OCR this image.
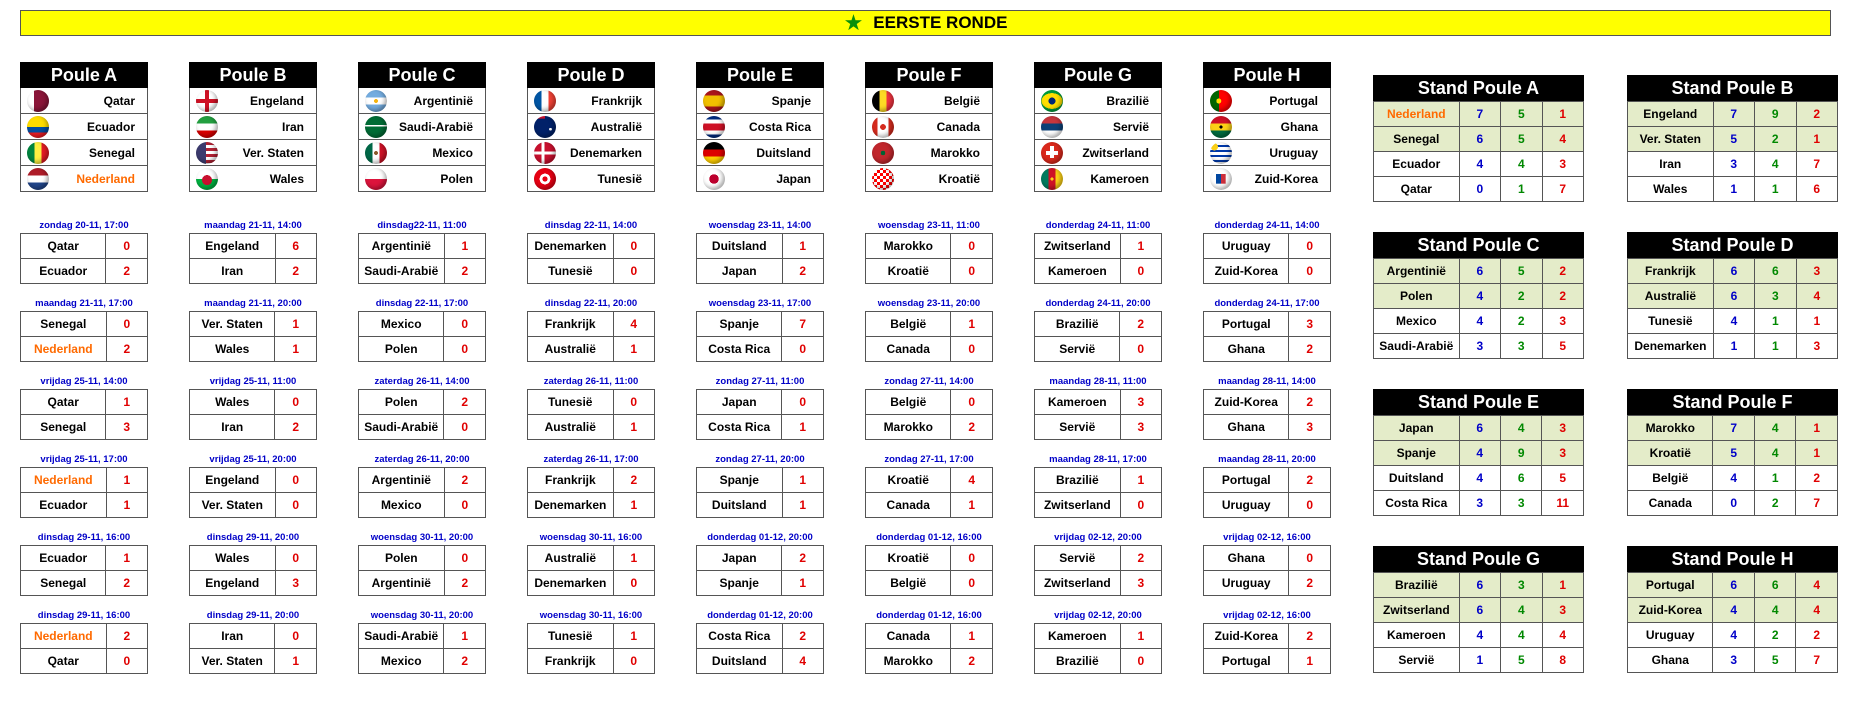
★ EERSTE RONDE
Poule A
Qatar
Ecuador
Senegal
Nederland
Poule B
Engeland
Iran
Ver. Staten
Wales
Poule C
Argentinië
Saudi-Arabië
Mexico
Polen
Poule D
Frankrijk
Australië
Denemarken
Tunesië
Poule E
Spanje
Costa Rica
Duitsland
Japan
Poule F
België
Canada
Marokko
Kroatië
Poule G
Brazilië
Servië
Zwitserland
Kameroen
Poule H
Portugal
Ghana
Uruguay
Zuid-Korea
zondag 20-11, 17:00
Qatar	0
Ecuador	2
maandag 21-11, 17:00
Senegal	0
Nederland	2
vrijdag 25-11, 14:00
Qatar	1
Senegal	3
vrijdag 25-11, 17:00
Nederland	1
Ecuador	1
dinsdag 29-11, 16:00
Ecuador	1
Senegal	2
dinsdag 29-11, 16:00
Nederland	2
Qatar	0
maandag 21-11, 14:00
Engeland	6
Iran	2
maandag 21-11, 20:00
Ver. Staten	1
Wales	1
vrijdag 25-11, 11:00
Wales	0
Iran	2
vrijdag 25-11, 20:00
Engeland	0
Ver. Staten	0
dinsdag 29-11, 20:00
Wales	0
Engeland	3
dinsdag 29-11, 20:00
Iran	0
Ver. Staten	1
dinsdag22-11, 11:00
Argentinië	1
Saudi-Arabië	2
dinsdag 22-11, 17:00
Mexico	0
Polen	0
zaterdag 26-11, 14:00
Polen	2
Saudi-Arabië	0
zaterdag 26-11, 20:00
Argentinië	2
Mexico	0
woensdag 30-11, 20:00
Polen	0
Argentinië	2
woensdag 30-11, 20:00
Saudi-Arabië	1
Mexico	2
dinsdag 22-11, 14:00
Denemarken	0
Tunesië	0
dinsdag 22-11, 20:00
Frankrijk	4
Australië	1
zaterdag 26-11, 11:00
Tunesië	0
Australië	1
zaterdag 26-11, 17:00
Frankrijk	2
Denemarken	1
woensdag 30-11, 16:00
Australië	1
Denemarken	0
woensdag 30-11, 16:00
Tunesië	1
Frankrijk	0
woensdag 23-11, 14:00
Duitsland	1
Japan	2
woensdag 23-11, 17:00
Spanje	7
Costa Rica	0
zondag 27-11, 11:00
Japan	0
Costa Rica	1
zondag 27-11, 20:00
Spanje	1
Duitsland	1
donderdag 01-12, 20:00
Japan	2
Spanje	1
donderdag 01-12, 20:00
Costa Rica	2
Duitsland	4
woensdag 23-11, 11:00
Marokko	0
Kroatië	0
woensdag 23-11, 20:00
België	1
Canada	0
zondag 27-11, 14:00
België	0
Marokko	2
zondag 27-11, 17:00
Kroatië	4
Canada	1
donderdag 01-12, 16:00
Kroatië	0
België	0
donderdag 01-12, 16:00
Canada	1
Marokko	2
donderdag 24-11, 11:00
Zwitserland	1
Kameroen	0
donderdag 24-11, 20:00
Brazilië	2
Servië	0
maandag 28-11, 11:00
Kameroen	3
Servië	3
maandag 28-11, 17:00
Brazilië	1
Zwitserland	0
vrijdag 02-12, 20:00
Servië	2
Zwitserland	3
vrijdag 02-12, 20:00
Kameroen	1
Brazilië	0
donderdag 24-11, 14:00
Uruguay	0
Zuid-Korea	0
donderdag 24-11, 17:00
Portugal	3
Ghana	2
maandag 28-11, 14:00
Zuid-Korea	2
Ghana	3
maandag 28-11, 20:00
Portugal	2
Uruguay	0
vrijdag 02-12, 16:00
Ghana	0
Uruguay	2
vrijdag 02-12, 16:00
Zuid-Korea	2
Portugal	1
Stand Poule A
Nederland	7	5	1
Senegal	6	5	4
Ecuador	4	4	3
Qatar	0	1	7
Stand Poule B
Engeland	7	9	2
Ver. Staten	5	2	1
Iran	3	4	7
Wales	1	1	6
Stand Poule C
Argentinië	6	5	2
Polen	4	2	2
Mexico	4	2	3
Saudi-Arabië	3	3	5
Stand Poule D
Frankrijk	6	6	3
Australië	6	3	4
Tunesië	4	1	1
Denemarken	1	1	3
Stand Poule E
Japan	6	4	3
Spanje	4	9	3
Duitsland	4	6	5
Costa Rica	3	3	11
Stand Poule F
Marokko	7	4	1
Kroatië	5	4	1
België	4	1	2
Canada	0	2	7
Stand Poule G
Brazilië	6	3	1
Zwitserland	6	4	3
Kameroen	4	4	4
Servië	1	5	8
Stand Poule H
Portugal	6	6	4
Zuid-Korea	4	4	4
Uruguay	4	2	2
Ghana	3	5	7
